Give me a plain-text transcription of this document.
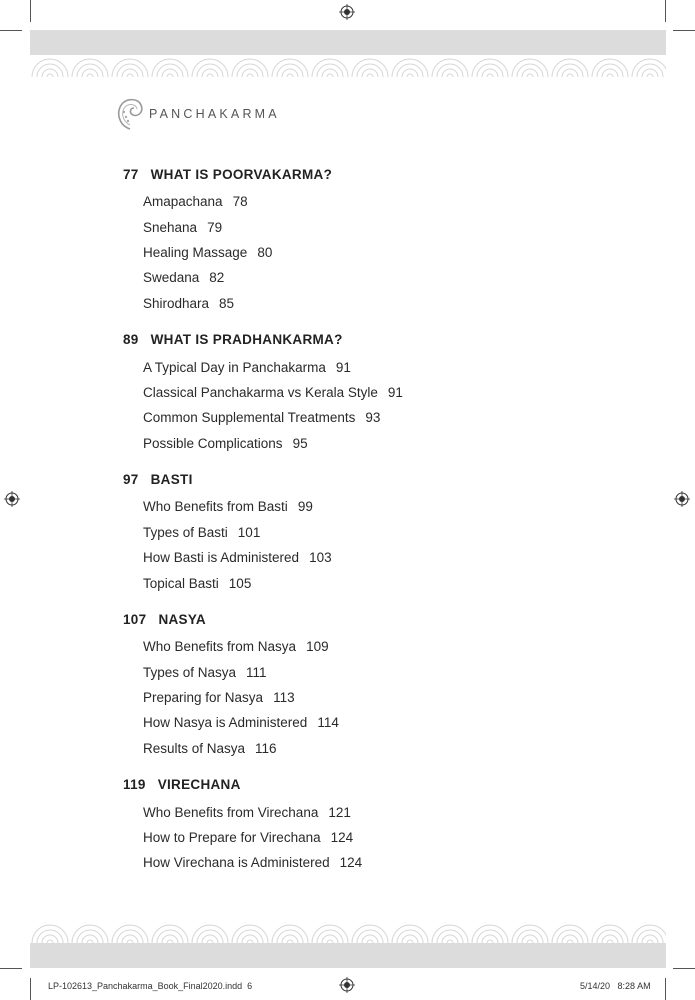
PANCHAKARMA
77 WHAT IS POORVAKARMA?
Amapachana 78
Snehana 79
Healing Massage 80
Swedana 82
Shirodhara 85
89 WHAT IS PRADHANKARMA?
A Typical Day in Panchakarma 91
Classical Panchakarma vs Kerala Style 91
Common Supplemental Treatments 93
Possible Complications 95
97 BASTI
Who Benefits from Basti 99
Types of Basti 101
How Basti is Administered 103
Topical Basti 105
107 NASYA
Who Benefits from Nasya 109
Types of Nasya 111
Preparing for Nasya 113
How Nasya is Administered 114
Results of Nasya 116
119 VIRECHANA
Who Benefits from Virechana 121
How to Prepare for Virechana 124
How Virechana is Administered 124
LP-102613_Panchakarma_Book_Final2020.indd 6	5/14/20 8:28 AM
